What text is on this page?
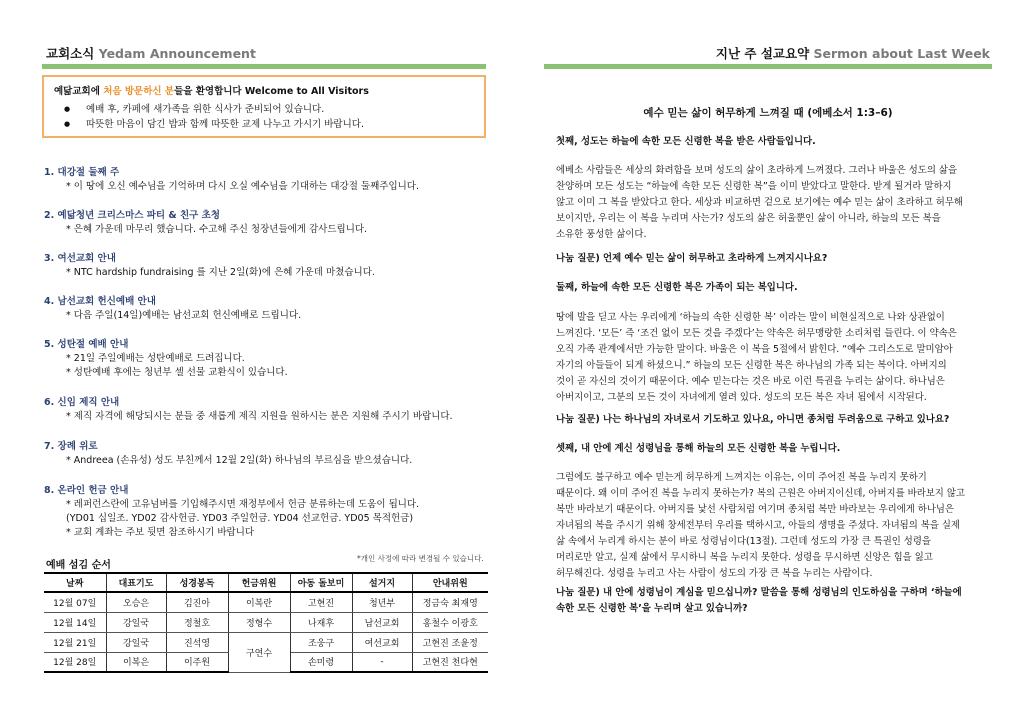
교회소식 Yedam Announcement
예닮교회에 처음 방문하신 분들을 환영합니다 Welcome to All Visitors
● 예배 후, 카페에 새가족을 위한 식사가 준비되어 있습니다.
● 따뜻한 마음이 담긴 밥과 함께 따뜻한 교제 나누고 가시기 바랍니다.
1. 대강절 둘째 주
* 이 땅에 오신 예수님을 기억하며 다시 오실 예수님을 기대하는 대강절 둘째주입니다.
2. 예닮청년 크리스마스 파티 & 친구 초청
* 은혜 가운데 마무리 했습니다. 수고해 주신 청장년들에게 감사드립니다.
3. 여선교회 안내
* NTC hardship fundraising 를 지난 2일(화)에 은혜 가운데 마쳤습니다.
4. 남선교회 헌신예배 안내
* 다음 주일(14일)예배는 남선교회 헌신예배로 드립니다.
5. 성탄절 예배 안내
* 21일 주일예배는 성탄예배로 드려집니다.
* 성탄예배 후에는 청년부 셀 선물 교환식이 있습니다.
6. 신임 제직 안내
* 제직 자격에 해당되시는 분들 중 새롭게 제직 지원을 원하시는 분은 지원해 주시기 바랍니다.
7. 장례 위로
* Andreea (손유성) 성도 부친께서 12월 2일(화) 하나님의 부르심을 받으셨습니다.
8. 온라인 헌금 안내
* 레퍼런스란에 고유넘버를 기입해주시면 재정부에서 헌금 분류하는데 도움이 됩니다.
(YD01 십일조. YD02 감사헌금. YD03 주일헌금. YD04 선교헌금. YD05 목적헌금)
* 교회 계좌는 주보 뒷면 참조하시기 바랍니다
예배 섬김 순서
*개인 사정에 따라 변경될 수 있습니다.
날짜	대표기도	성경봉독	헌금위원	아동 돌보미	설거지	안내위원
12월 07일	오승은	김진아	이복란	고현진	청년부	정금숙 최재영
12월 14일	강일국	정철호	정형수	나재후	남선교회	홍철수 이광호
12월 21일	강일국	진석영	구연수	조웅구	여선교회	고현진 조윤정
12월 28일	이복은	이주원		손미령	-	고현진 천다현
지난 주 설교요약 Sermon about Last Week
예수 믿는 삶이 허무하게 느껴질 때 (에베소서 1:3–6)
첫째, 성도는 하늘에 속한 모든 신령한 복을 받은 사람들입니다.
에베소 사람들은 세상의 화려함을 보며 성도의 삶이 초라하게 느껴졌다. 그러나 바울은 성도의 삶을
찬양하며 모든 성도는 “하늘에 속한 모든 신령한 복”을 이미 받았다고 말한다. 받게 될거라 말하지
않고 이미 그 복을 받았다고 한다. 세상과 비교하면 겉으로 보기에는 예수 믿는 삶이 초라하고 허무해
보이지만, 우리는 이 복을 누리며 사는가? 성도의 삶은 허울뿐인 삶이 아니라, 하늘의 모든 복을
소유한 풍성한 삶이다.
나눔 질문) 언제 예수 믿는 삶이 허무하고 초라하게 느껴지시나요?
둘째, 하늘에 속한 모든 신령한 복은 가족이 되는 복입니다.
땅에 발을 딛고 사는 우리에게 ‘하늘의 속한 신령한 복’ 이라는 말이 비현실적으로 나와 상관없이
느껴진다. ‘모든’ 즉 ‘조건 없이 모든 것을 주겠다’는 약속은 허무맹랑한 소리처럼 들린다. 이 약속은
오직 가족 관계에서만 가능한 말이다. 바울은 이 복을 5절에서 밝힌다. “예수 그리스도로 말미암아
자기의 아들들이 되게 하셨으니.” 하늘의 모든 신령한 복은 하나님의 가족 되는 복이다. 아버지의
것이 곧 자신의 것이기 때문이다. 예수 믿는다는 것은 바로 이런 특권을 누리는 삶이다. 하나님은
아버지이고, 그분의 모든 것이 자녀에게 열려 있다. 성도의 모든 복은 자녀 됨에서 시작된다.
나눔 질문) 나는 하나님의 자녀로서 기도하고 있나요, 아니면 종처럼 두려움으로 구하고 있나요?
셋째, 내 안에 계신 성령님을 통해 하늘의 모든 신령한 복을 누립니다.
그럼에도 불구하고 예수 믿는게 허무하게 느껴지는 이유는, 이미 주어진 복을 누리지 못하기
때문이다. 왜 이미 주어진 복을 누리지 못하는가? 복의 근원은 아버지이신데, 아버지를 바라보지 않고
복만 바라보기 때문이다. 아버지를 낯선 사람처럼 여기며 종처럼 복만 바라보는 우리에게 하나님은
자녀됨의 복을 주시기 위해 창세전부터 우리를 택하시고, 아들의 생명을 주셨다. 자녀됨의 복을 실제
삶 속에서 누리게 하시는 분이 바로 성령님이다(13절). 그런데 성도의 가장 큰 특권인 성령을
머리로만 알고, 실제 삶에서 무시하니 복을 누리지 못한다. 성령을 무시하면 신앙은 힘을 잃고
허무해진다. 성령을 누리고 사는 사람이 성도의 가장 큰 복을 누리는 사람이다.
나눔 질문) 내 안에 성령님이 계심을 믿으십니까? 말씀을 통해 성령님의 인도하심을 구하며 ‘하늘에
속한 모든 신령한 복’을 누리며 살고 있습니까?
